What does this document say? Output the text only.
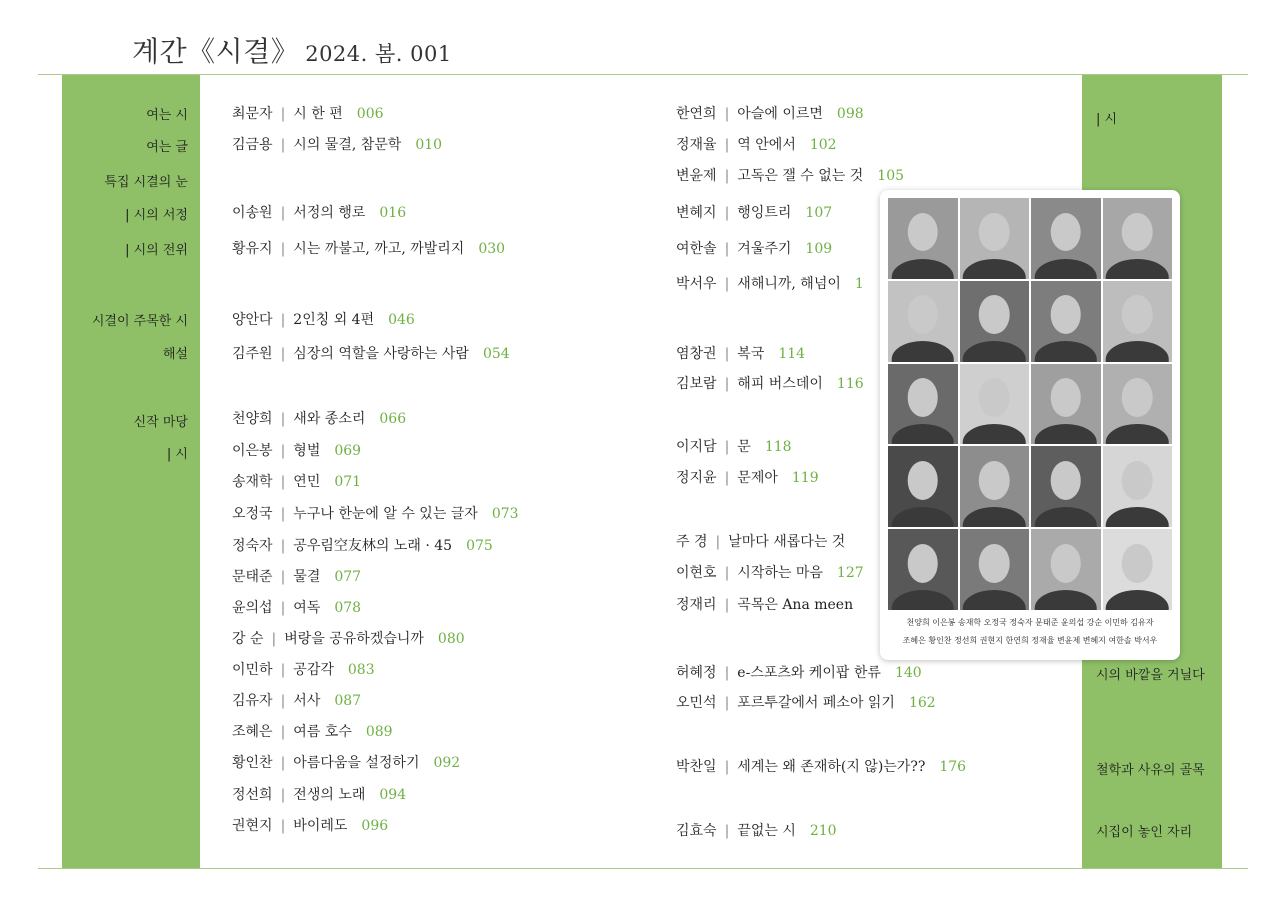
계간《시결》 2024. 봄. 001
여는 시
여는 글
특집 시결의 눈
| 시의 서정
| 시의 전위
시결이 주목한 시
해설
신작 마당
| 시
최문자 | 시 한 편 006
김금용 | 시의 물결, 참문학 010
이송원 | 서정의 행로 016
황유지 | 시는 까불고, 까고, 까발리지 030
양안다 | 2인칭 외 4편 046
김주원 | 심장의 역할을 사랑하는 사람 054
천양희 | 새와 종소리 066
이은봉 | 형벌 069
송재학 | 연민 071
오정국 | 누구나 한눈에 알 수 있는 글자 073
정숙자 | 공우림空友林의 노래 · 45 075
문태준 | 물결 077
윤의섭 | 여독 078
강 순 | 벼랑을 공유하겠습니까 080
이민하 | 공감각 083
김유자 | 서사 087
조혜은 | 여름 호수 089
황인찬 | 아름다움을 설정하기 092
정선희 | 전생의 노래 094
권현지 | 바이레도 096
한연희 | 아슬에 이르면 098
정재율 | 역 안에서 102
변윤제 | 고독은 잴 수 없는 것 105
변혜지 | 행잉트리 107
여한솔 | 겨울주기 109
박서우 | 새해니까, 해넘이 1
염창권 | 복국 114
김보람 | 해피 버스데이 116
이지담 | 문 118
정지윤 | 문제아 119
주 경 | 날마다 새롭다는 것
이현호 | 시작하는 마음 127
정재리 | 곡목은 Ana meen
허혜정 | e-스포츠와 케이팝 한류 140
오민석 | 포르투갈에서 페소아 읽기 162
박찬일 | 세계는 왜 존재하(지 않)는가?? 176
김효숙 | 끝없는 시 210
| 시
시의 바깥을 거닐다
철학과 사유의 골목
시집이 놓인 자리
천양희 이은봉 송재학 오정국 정숙자 문태준 윤의섭 강순 이민하 김유자
조혜은 황인찬 정선희 권현지 한연희 정재율 변윤제 변혜지 여한솔 박서우
